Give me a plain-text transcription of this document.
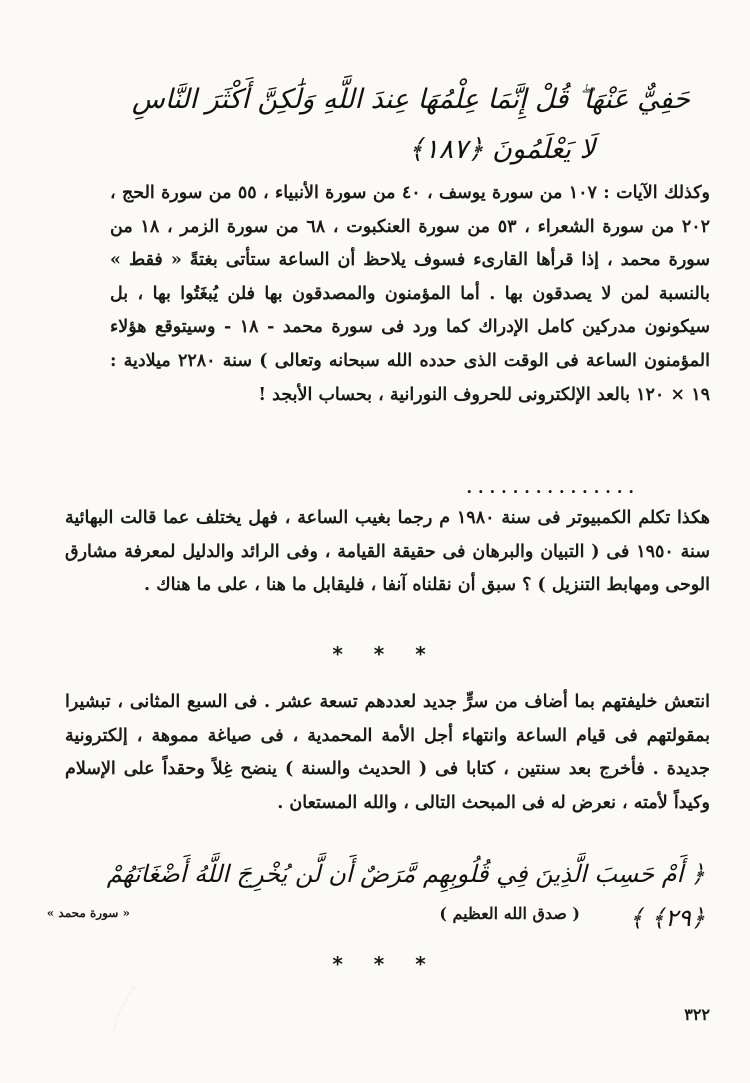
حَفِيٌّ عَنْهَا ۖ قُلْ إِنَّمَا عِلْمُهَا عِندَ اللَّهِ وَلَٰكِنَّ أَكْثَرَ النَّاسِ
لَا يَعْلَمُونَ ﴿١٨٧﴾
وكذلك الآيات : ١٠٧ من سورة يوسف ، ٤٠ من سورة الأنبياء ، ٥٥ من سورة الحج ، ٢٠٢ من سورة الشعراء ، ٥٣ من سورة العنكبوت ، ٦٨ من سورة الزمر ، ١٨ من سورة محمد ، إذا قرأها القارىء فسوف يلاحظ أن الساعة ستأتى بغتةً « فقط » بالنسبة لمن لا يصدقون بها . أما المؤمنون والمصدقون بها فلن يُبغَتُوا بها ، بل سيكونون مدركين كامل الإدراك كما ورد فى سورة محمد - ١٨ - وسيتوقع هؤلاء المؤمنون الساعة فى الوقت الذى حدده الله سبحانه وتعالى ) سنة ٢٢٨٠ ميلادية : ١٩ × ١٢٠ بالعد الإلكترونى للحروف النورانية ، بحساب الأبجد !
...............
هكذا تكلم الكمبيوتر فى سنة ١٩٨٠ م رجما بغيب الساعة ، فهل يختلف عما قالت البهائية سنة ١٩٥٠ فى ( التبيان والبرهان فى حقيقة القيامة ، وفى الرائد والدليل لمعرفة مشارق الوحى ومهابط التنزيل ) ؟ سبق أن نقلناه آنفا ، فليقابل ما هنا ، على ما هناك .
* * *
انتعش خليفتهم بما أضاف من سرٍّ جديد لعددهم تسعة عشر . فى السبع المثانى ، تبشيرا بمقولتهم فى قيام الساعة وانتهاء أجل الأمة المحمدية ، فى صياغة مموهة ، إلكترونية جديدة . فأخرج بعد سنتين ، كتابا فى ( الحديث والسنة ) ينضح غِلاً وحقداً على الإسلام وكيداً لأمته ، نعرض له فى المبحث التالى ، والله المستعان .
﴿ أَمْ حَسِبَ الَّذِينَ فِي قُلُوبِهِم مَّرَضٌ أَن لَّن يُخْرِجَ اللَّهُ أَضْغَانَهُمْ ﴿٢٩﴾ ﴾
( صدق الله العظيم )
« سورة محمد »
* * *
٣٢٢
